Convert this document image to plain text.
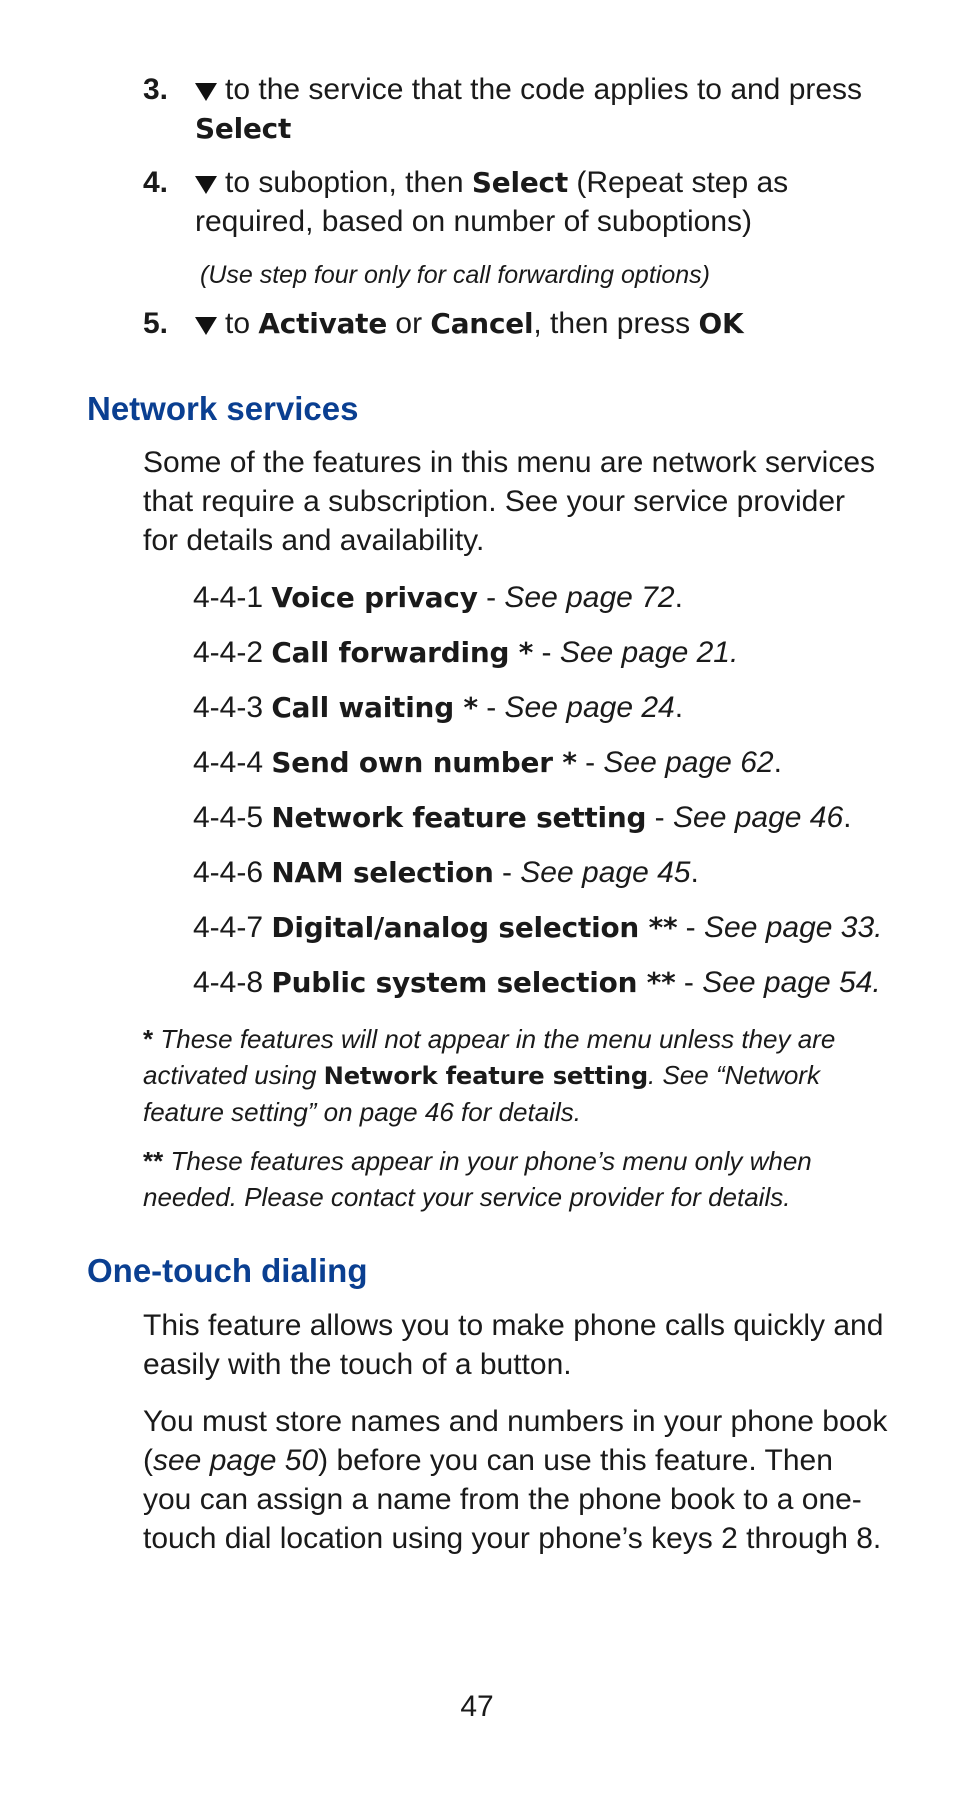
3.	to the service that the code applies to and press
Select
4.	to suboption, then Select (Repeat step as required, based on number of suboptions)
(Use step four only for call forwarding options)
5.	to Activate or Cancel, then press OK
Network services

Some of the features in this menu are network services that require a subscription. See your service provider for details and availability.

4-4-1 Voice privacy - See page 72.
4-4-2 Call forwarding * - See page 21.
4-4-3 Call waiting * - See page 24.
4-4-4 Send own number * - See page 62.
4-4-5 Network feature setting - See page 46.
4-4-6 NAM selection - See page 45.
4-4-7 Digital/analog selection ** - See page 33.
4-4-8 Public system selection ** - See page 54.

* These features will not appear in the menu unless they are activated using Network feature setting. See “Network feature setting” on page 46 for details.

** These features appear in your phone’s menu only when needed. Please contact your service provider for details.

One-touch dialing

This feature allows you to make phone calls quickly and easily with the touch of a button.

You must store names and numbers in your phone book (see page 50) before you can use this feature. Then you can assign a name from the phone book to a one-touch dial location using your phone’s keys 2 through 8.

47
